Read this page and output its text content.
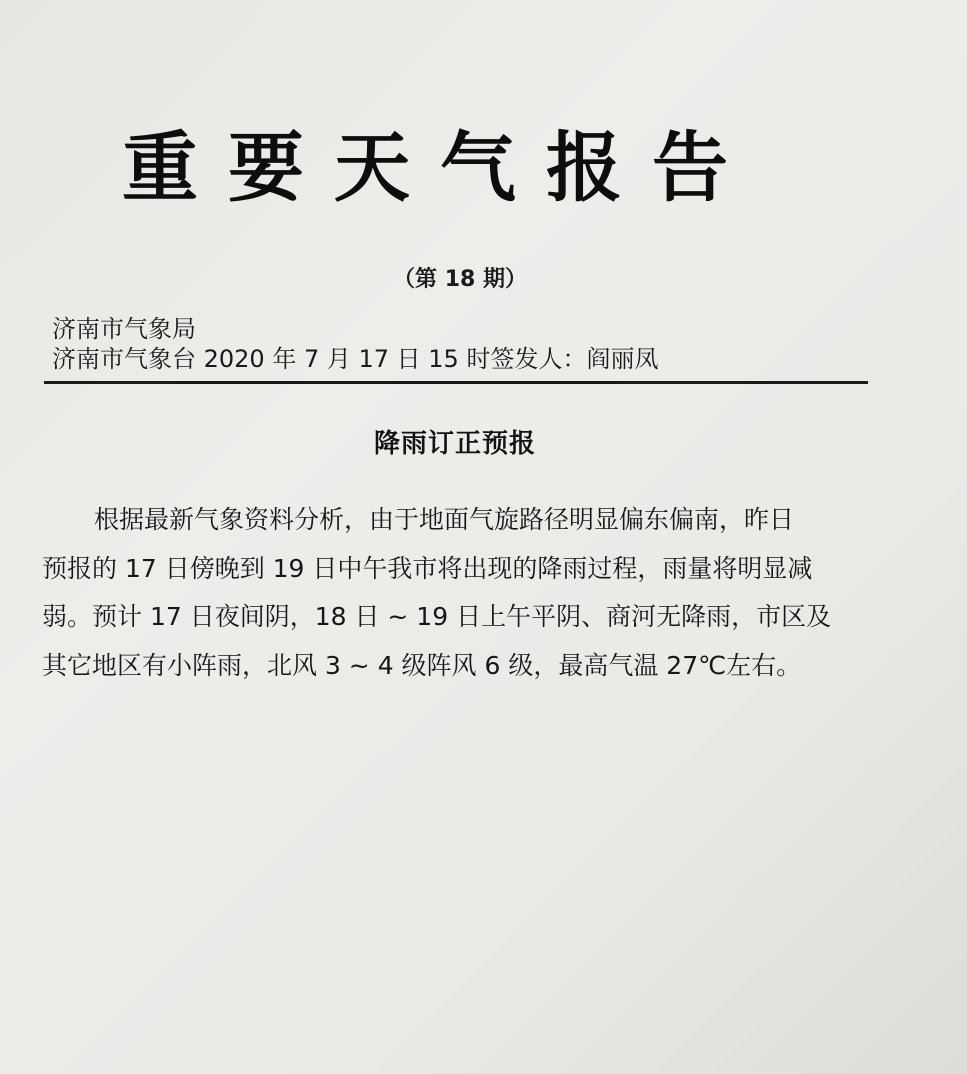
重要天气报告
（第 18 期）
济南市气象局
济南市气象台 2020 年 7 月 17 日 15 时签发人：阎丽凤
降雨订正预报
根据最新气象资料分析，由于地面气旋路径明显偏东偏南，昨日
预报的 17 日傍晚到 19 日中午我市将出现的降雨过程，雨量将明显减
弱。预计 17 日夜间阴，18 日 ~ 19 日上午平阴、商河无降雨，市区及
其它地区有小阵雨，北风 3 ~ 4 级阵风 6 级，最高气温 27℃左右。
